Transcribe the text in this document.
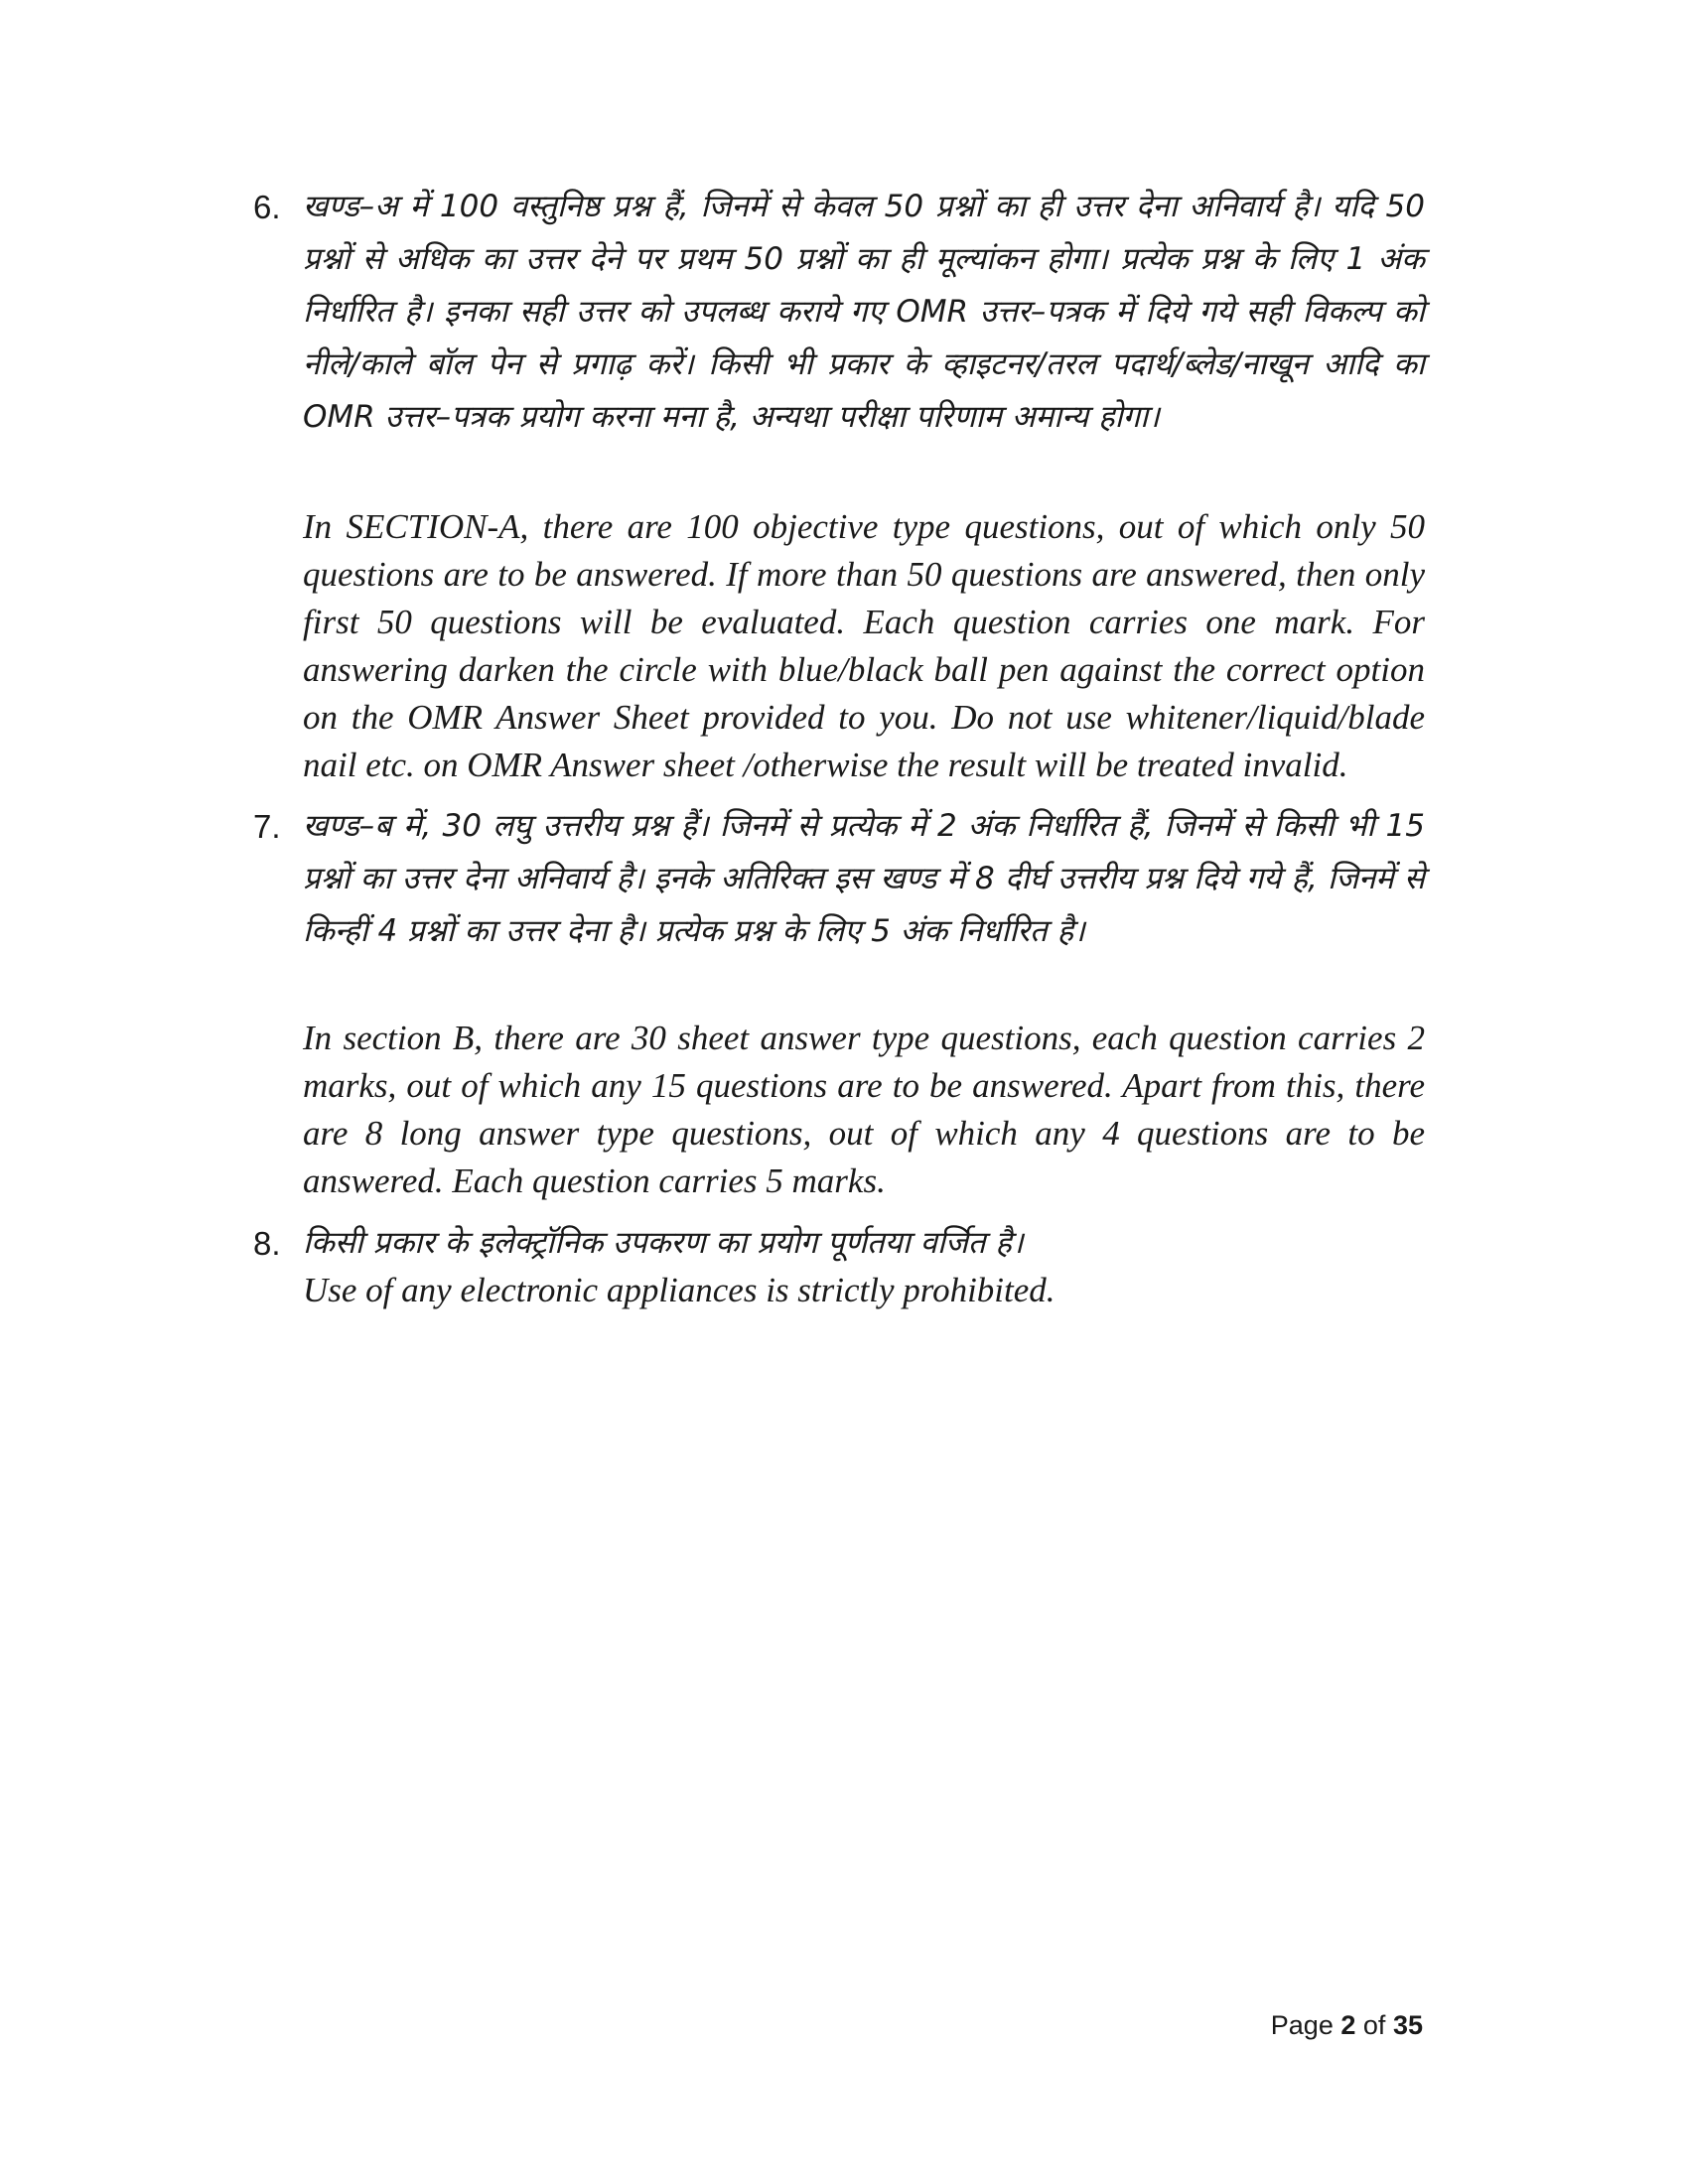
6. खण्ड–अ में 100 वस्तुनिष्ठ प्रश्न हैं, जिनमें से केवल 50 प्रश्नों का ही उत्तर देना अनिवार्य है। यदि 50 प्रश्नों से अधिक का उत्तर देने पर प्रथम 50 प्रश्नों का ही मूल्यांकन होगा। प्रत्येक प्रश्न के लिए 1 अंक निर्धारित है। इनका सही उत्तर को उपलब्ध कराये गए OMR उत्तर–पत्रक में दिये गये सही विकल्प को नीले/काले बॉल पेन से प्रगाढ़ करें। किसी भी प्रकार के व्हाइटनर/तरल पदार्थ/ब्लेड/नाखून आदि का OMR उत्तर–पत्रक प्रयोग करना मना है, अन्यथा परीक्षा परिणाम अमान्य होगा।
In SECTION-A, there are 100 objective type questions, out of which only 50 questions are to be answered. If more than 50 questions are answered, then only first 50 questions will be evaluated. Each question carries one mark. For answering darken the circle with blue/black ball pen against the correct option on the OMR Answer Sheet provided to you. Do not use whitener/liquid/blade nail etc. on OMR Answer sheet /otherwise the result will be treated invalid.
7. खण्ड–ब में, 30 लघु उत्तरीय प्रश्न हैं। जिनमें से प्रत्येक में 2 अंक निर्धारित हैं, जिनमें से किसी भी 15 प्रश्नों का उत्तर देना अनिवार्य है। इनके अतिरिक्त इस खण्ड में 8 दीर्घ उत्तरीय प्रश्न दिये गये हैं, जिनमें से किन्हीं 4 प्रश्नों का उत्तर देना है। प्रत्येक प्रश्न के लिए 5 अंक निर्धारित है।
In section B, there are 30 sheet answer type questions, each question carries 2 marks, out of which any 15 questions are to be answered. Apart from this, there are 8 long answer type questions, out of which any 4 questions are to be answered. Each question carries 5 marks.
8. किसी प्रकार के इलेक्ट्रॉनिक उपकरण का प्रयोग पूर्णतया वर्जित है।
Use of any electronic appliances is strictly prohibited.
Page 2 of 35
